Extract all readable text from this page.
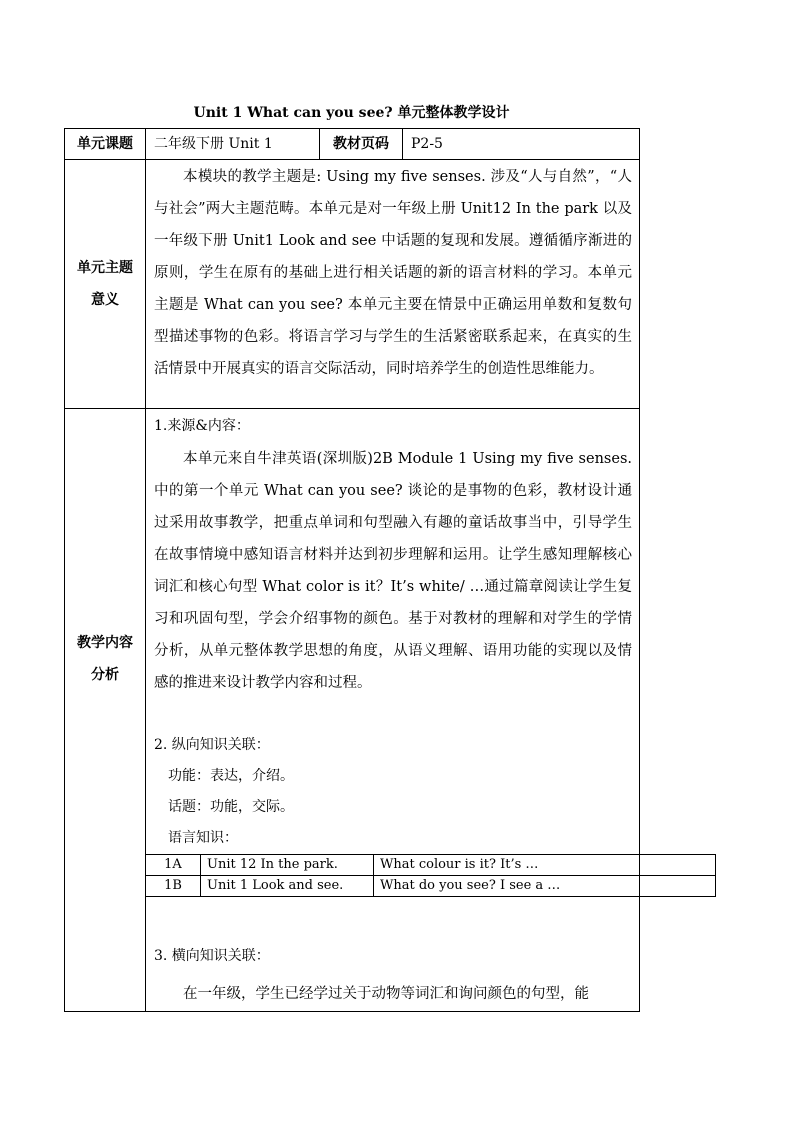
Unit 1 What can you see? 单元整体教学设计
单元课题	二年级下册 Unit 1	教材页码	P2-5

单元主题
意义

本模块的教学主题是: Using my five senses. 涉及“人与自然”，“人与社会”两大主题范畴。本单元是对一年级上册 Unit12 In the park 以及一年级下册 Unit1 Look and see 中话题的复现和发展。遵循循序渐进的原则，学生在原有的基础上进行相关话题的新的语言材料的学习。本单元主题是 What can you see? 本单元主要在情景中正确运用单数和复数句型描述事物的色彩。将语言学习与学生的生活紧密联系起来，在真实的生活情景中开展真实的语言交际活动，同时培养学生的创造性思维能力。

教学内容
分析

1.来源&内容：

本单元来自牛津英语(深圳版)2B Module 1 Using my five senses.中的第一个单元 What can you see? 谈论的是事物的色彩，教材设计通过采用故事教学，把重点单词和句型融入有趣的童话故事当中，引导学生在故事情境中感知语言材料并达到初步理解和运用。让学生感知理解核心词汇和核心句型 What color is it？It’s white/ …通过篇章阅读让学生复习和巩固句型，学会介绍事物的颜色。基于对教材的理解和对学生的学情分析，从单元整体教学思想的角度，从语义理解、语用功能的实现以及情感的推进来设计教学内容和过程。

2. 纵向知识关联：

功能：表达，介绍。

话题：功能，交际。

语言知识：

1A	Unit 12 In the park.	What colour is it? It’s …
1B	Unit 1 Look and see.	What do you see? I see a …

3. 横向知识关联：

在一年级，学生已经学过关于动物等词汇和询问颜色的句型，能
